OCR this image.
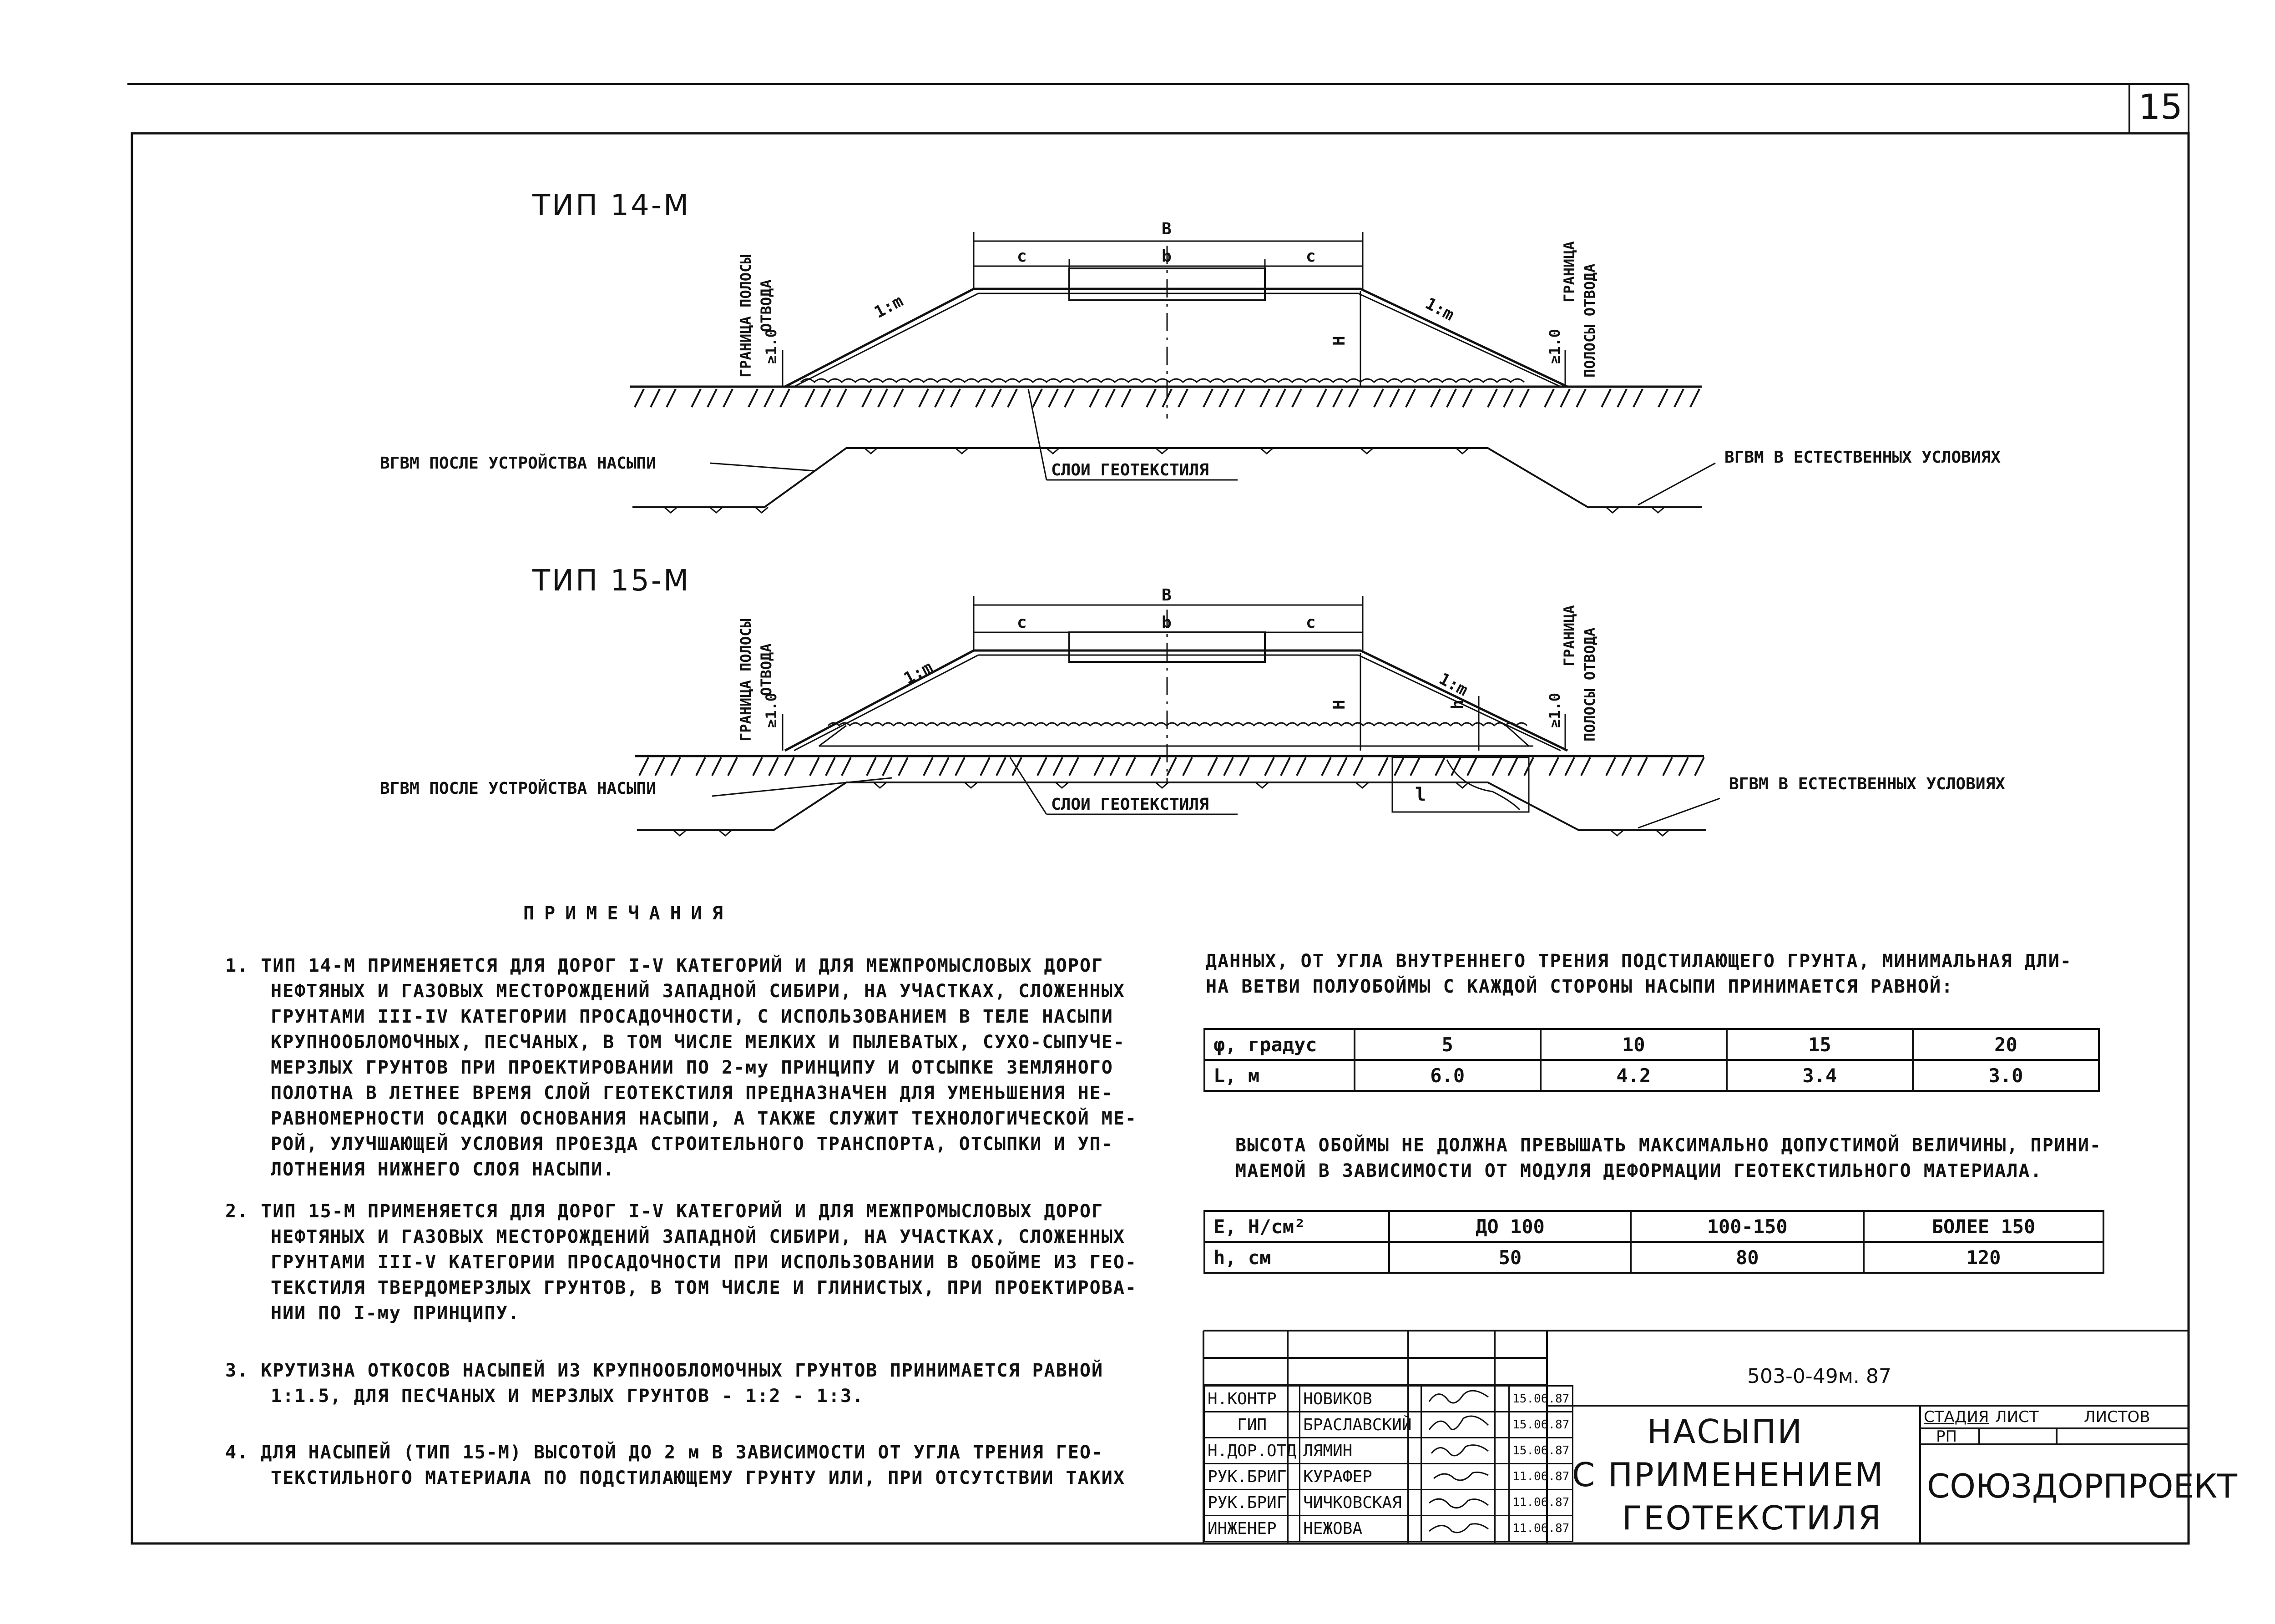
15
ТИП 14-М
B
c	b	c
1:m	1:m
H
ГРАНИЦА ПОЛОСЫ ОТВОДА
≥1.0
ГРАНИЦА ПОЛОСЫ ОТВОДА
≥1.0
ВГВМ ПОСЛЕ УСТРОЙСТВА НАСЫПИ	СЛОИ ГЕОТЕКСТИЛЯ
ВГВМ В ЕСТЕСТВЕННЫХ УСЛОВИЯХ
ТИП 15-М	B
c	b	c
1:m	1:m
H	h
l
ГРАНИЦА ПОЛОСЫ ОТВОДА
≥1.0
ГРАНИЦА ПОЛОСЫ ОТВОДА
≥1.0
ВГВМ ПОСЛЕ УСТРОЙСТВА НАСЫПИ
СЛОИ ГЕОТЕКСТИЛЯ
ВГВМ В ЕСТЕСТВЕННЫХ УСЛОВИЯХ
ПРИМЕЧАНИЯ
1. ТИП 14-М ПРИМЕНЯЕТСЯ ДЛЯ ДОРОГ I-V КАТЕГОРИЙ И ДЛЯ МЕЖПРОМЫСЛОВЫХ ДОРОГ
НЕФТЯНЫХ И ГАЗОВЫХ МЕСТОРОЖДЕНИЙ ЗАПАДНОЙ СИБИРИ, НА УЧАСТКАХ, СЛОЖЕННЫХ
ГРУНТАМИ III-IV КАТЕГОРИИ ПРОСАДОЧНОСТИ, С ИСПОЛЬЗОВАНИЕМ В ТЕЛЕ НАСЫПИ
КРУПНООБЛОМОЧНЫХ, ПЕСЧАНЫХ, В ТОМ ЧИСЛЕ МЕЛКИХ И ПЫЛЕВАТЫХ, СУХО-СЫПУЧЕ-
МЕРЗЛЫХ ГРУНТОВ ПРИ ПРОЕКТИРОВАНИИ ПО 2-му ПРИНЦИПУ И ОТСЫПКЕ ЗЕМЛЯНОГО
ПОЛОТНА В ЛЕТНЕЕ ВРЕМЯ СЛОЙ ГЕОТЕКСТИЛЯ ПРЕДНАЗНАЧЕН ДЛЯ УМЕНЬШЕНИЯ НЕ-
РАВНОМЕРНОСТИ ОСАДКИ ОСНОВАНИЯ НАСЫПИ, А ТАКЖЕ СЛУЖИТ ТЕХНОЛОГИЧЕСКОЙ МЕ-
РОЙ, УЛУЧШАЮЩЕЙ УСЛОВИЯ ПРОЕЗДА СТРОИТЕЛЬНОГО ТРАНСПОРТА, ОТСЫПКИ И УП-
ЛОТНЕНИЯ НИЖНЕГО СЛОЯ НАСЫПИ.
2. ТИП 15-М ПРИМЕНЯЕТСЯ ДЛЯ ДОРОГ I-V КАТЕГОРИЙ И ДЛЯ МЕЖПРОМЫСЛОВЫХ ДОРОГ
НЕФТЯНЫХ И ГАЗОВЫХ МЕСТОРОЖДЕНИЙ ЗАПАДНОЙ СИБИРИ, НА УЧАСТКАХ, СЛОЖЕННЫХ
ГРУНТАМИ III-V КАТЕГОРИИ ПРОСАДОЧНОСТИ ПРИ ИСПОЛЬЗОВАНИИ В ОБОЙМЕ ИЗ ГЕО-
ТЕКСТИЛЯ ТВЕРДОМЕРЗЛЫХ ГРУНТОВ, В ТОМ ЧИСЛЕ И ГЛИНИСТЫХ, ПРИ ПРОЕКТИРОВА-
НИИ ПО I-му ПРИНЦИПУ.
3. КРУТИЗНА ОТКОСОВ НАСЫПЕЙ ИЗ КРУПНООБЛОМОЧНЫХ ГРУНТОВ ПРИНИМАЕТСЯ РАВНОЙ
1:1.5, ДЛЯ ПЕСЧАНЫХ И МЕРЗЛЫХ ГРУНТОВ - 1:2 - 1:3.
4. ДЛЯ НАСЫПЕЙ (ТИП 15-М) ВЫСОТОЙ ДО 2 м В ЗАВИСИМОСТИ ОТ УГЛА ТРЕНИЯ ГЕО-
ТЕКСТИЛЬНОГО МАТЕРИАЛА ПО ПОДСТИЛАЮЩЕМУ ГРУНТУ ИЛИ, ПРИ ОТСУТСТВИИ ТАКИХ
ДАННЫХ, ОТ УГЛА ВНУТРЕННЕГО ТРЕНИЯ ПОДСТИЛАЮЩЕГО ГРУНТА, МИНИМАЛЬНАЯ ДЛИ-
НА ВЕТВИ ПОЛУОБОЙМЫ С КАЖДОЙ СТОРОНЫ НАСЫПИ ПРИНИМАЕТСЯ РАВНОЙ:
φ, градус	5	10	15	20
L, м	6.0	4.2	3.4	3.0
ВЫСОТА ОБОЙМЫ НЕ ДОЛЖНА ПРЕВЫШАТЬ МАКСИМАЛЬНО ДОПУСТИМОЙ ВЕЛИЧИНЫ, ПРИНИ-
МАЕМОЙ В ЗАВИСИМОСТИ ОТ МОДУЛЯ ДЕФОРМАЦИИ ГЕОТЕКСТИЛЬНОГО МАТЕРИАЛА.
E, Н/см²	ДО 100	100-150	БОЛЕЕ 150
h, см	50	80	120
503-0-49м. 87
Н.КОНТР	НОВИКОВ		15.06.87
ГИП	БРАСЛАВСКИЙ		15.06.87
Н.ДОР.ОТД	ЛЯМИН		15.06.87
РУК.БРИГ	КУРАФЕР		11.06.87
РУК.БРИГ	ЧИЧКОВСКАЯ		11.06.87
ИНЖЕНЕР	НЕЖОВА		11.06.87
НАСЫПИ
С ПРИМЕНЕНИЕМ
ГЕОТЕКСТИЛЯ
СТАДИЯ ЛИСТ	ЛИСТОВ
РП
СОЮЗДОРПРОЕКТ
